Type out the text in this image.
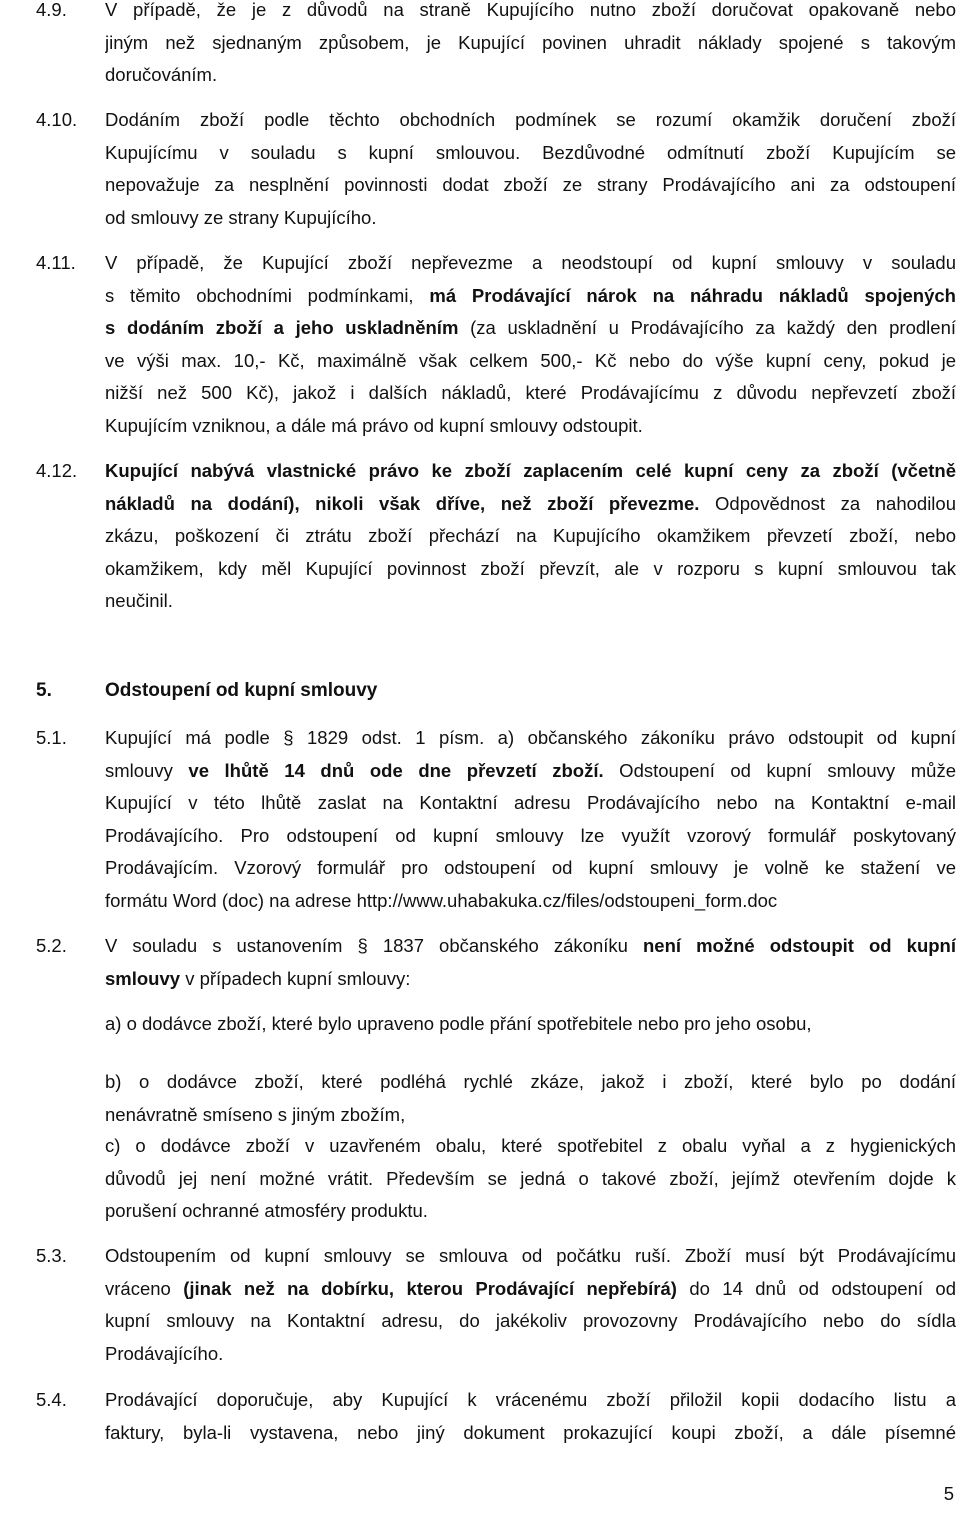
4.9.	V případě, že je z důvodů na straně Kupujícího nutno zboží doručovat opakovaně nebo
jiným než sjednaným způsobem, je Kupující povinen uhradit náklady spojené s takovým
doručováním.
4.10.	Dodáním zboží podle těchto obchodních podmínek se rozumí okamžik doručení zboží
Kupujícímu v souladu s kupní smlouvou. Bezdůvodné odmítnutí zboží Kupujícím se
nepovažuje za nesplnění povinnosti dodat zboží ze strany Prodávajícího ani za odstoupení
od smlouvy ze strany Kupujícího.
4.11.	V případě, že Kupující zboží nepřevezme a neodstoupí od kupní smlouvy v souladu
s těmito obchodními podmínkami, má Prodávající nárok na náhradu nákladů spojených
s dodáním zboží a jeho uskladněním (za uskladnění u Prodávajícího za každý den prodlení
ve výši max. 10,- Kč, maximálně však celkem 500,- Kč nebo do výše kupní ceny, pokud je
nižší než 500 Kč), jakož i dalších nákladů, které Prodávajícímu z důvodu nepřevzetí zboží
Kupujícím vzniknou, a dále má právo od kupní smlouvy odstoupit.
4.12.	Kupující nabývá vlastnické právo ke zboží zaplacením celé kupní ceny za zboží (včetně
nákladů na dodání), nikoli však dříve, než zboží převezme. Odpovědnost za nahodilou
zkázu, poškození či ztrátu zboží přechází na Kupujícího okamžikem převzetí zboží, nebo
okamžikem, kdy měl Kupující povinnost zboží převzít, ale v rozporu s kupní smlouvou tak
neučinil.
5.	Odstoupení od kupní smlouvy
5.1.	Kupující má podle § 1829 odst. 1 písm. a) občanského zákoníku právo odstoupit od kupní
smlouvy ve lhůtě 14 dnů ode dne převzetí zboží. Odstoupení od kupní smlouvy může
Kupující v této lhůtě zaslat na Kontaktní adresu Prodávajícího nebo na Kontaktní e-mail
Prodávajícího. Pro odstoupení od kupní smlouvy lze využít vzorový formulář poskytovaný
Prodávajícím. Vzorový formulář pro odstoupení od kupní smlouvy je volně ke stažení ve
formátu Word (doc) na adrese http://www.uhabakuka.cz/files/odstoupeni_form.doc
5.2.	V souladu s ustanovením § 1837 občanského zákoníku není možné odstoupit od kupní
smlouvy v případech kupní smlouvy:
a) o dodávce zboží, které bylo upraveno podle přání spotřebitele nebo pro jeho osobu,
b) o dodávce zboží, které podléhá rychlé zkáze, jakož i zboží, které bylo po dodání
nenávratně smíseno s jiným zbožím,
c) o dodávce zboží v uzavřeném obalu, které spotřebitel z obalu vyňal a z hygienických
důvodů jej není možné vrátit. Především se jedná o takové zboží, jejímž otevřením dojde k
porušení ochranné atmosféry produktu.
5.3.	Odstoupením od kupní smlouvy se smlouva od počátku ruší. Zboží musí být Prodávajícímu
vráceno (jinak než na dobírku, kterou Prodávající nepřebírá) do 14 dnů od odstoupení od
kupní smlouvy na Kontaktní adresu, do jakékoliv provozovny Prodávajícího nebo do sídla
Prodávajícího.
5.4.	Prodávající doporučuje, aby Kupující k vrácenému zboží přiložil kopii dodacího listu a
faktury, byla-li vystavena, nebo jiný dokument prokazující koupi zboží, a dále písemné
5
